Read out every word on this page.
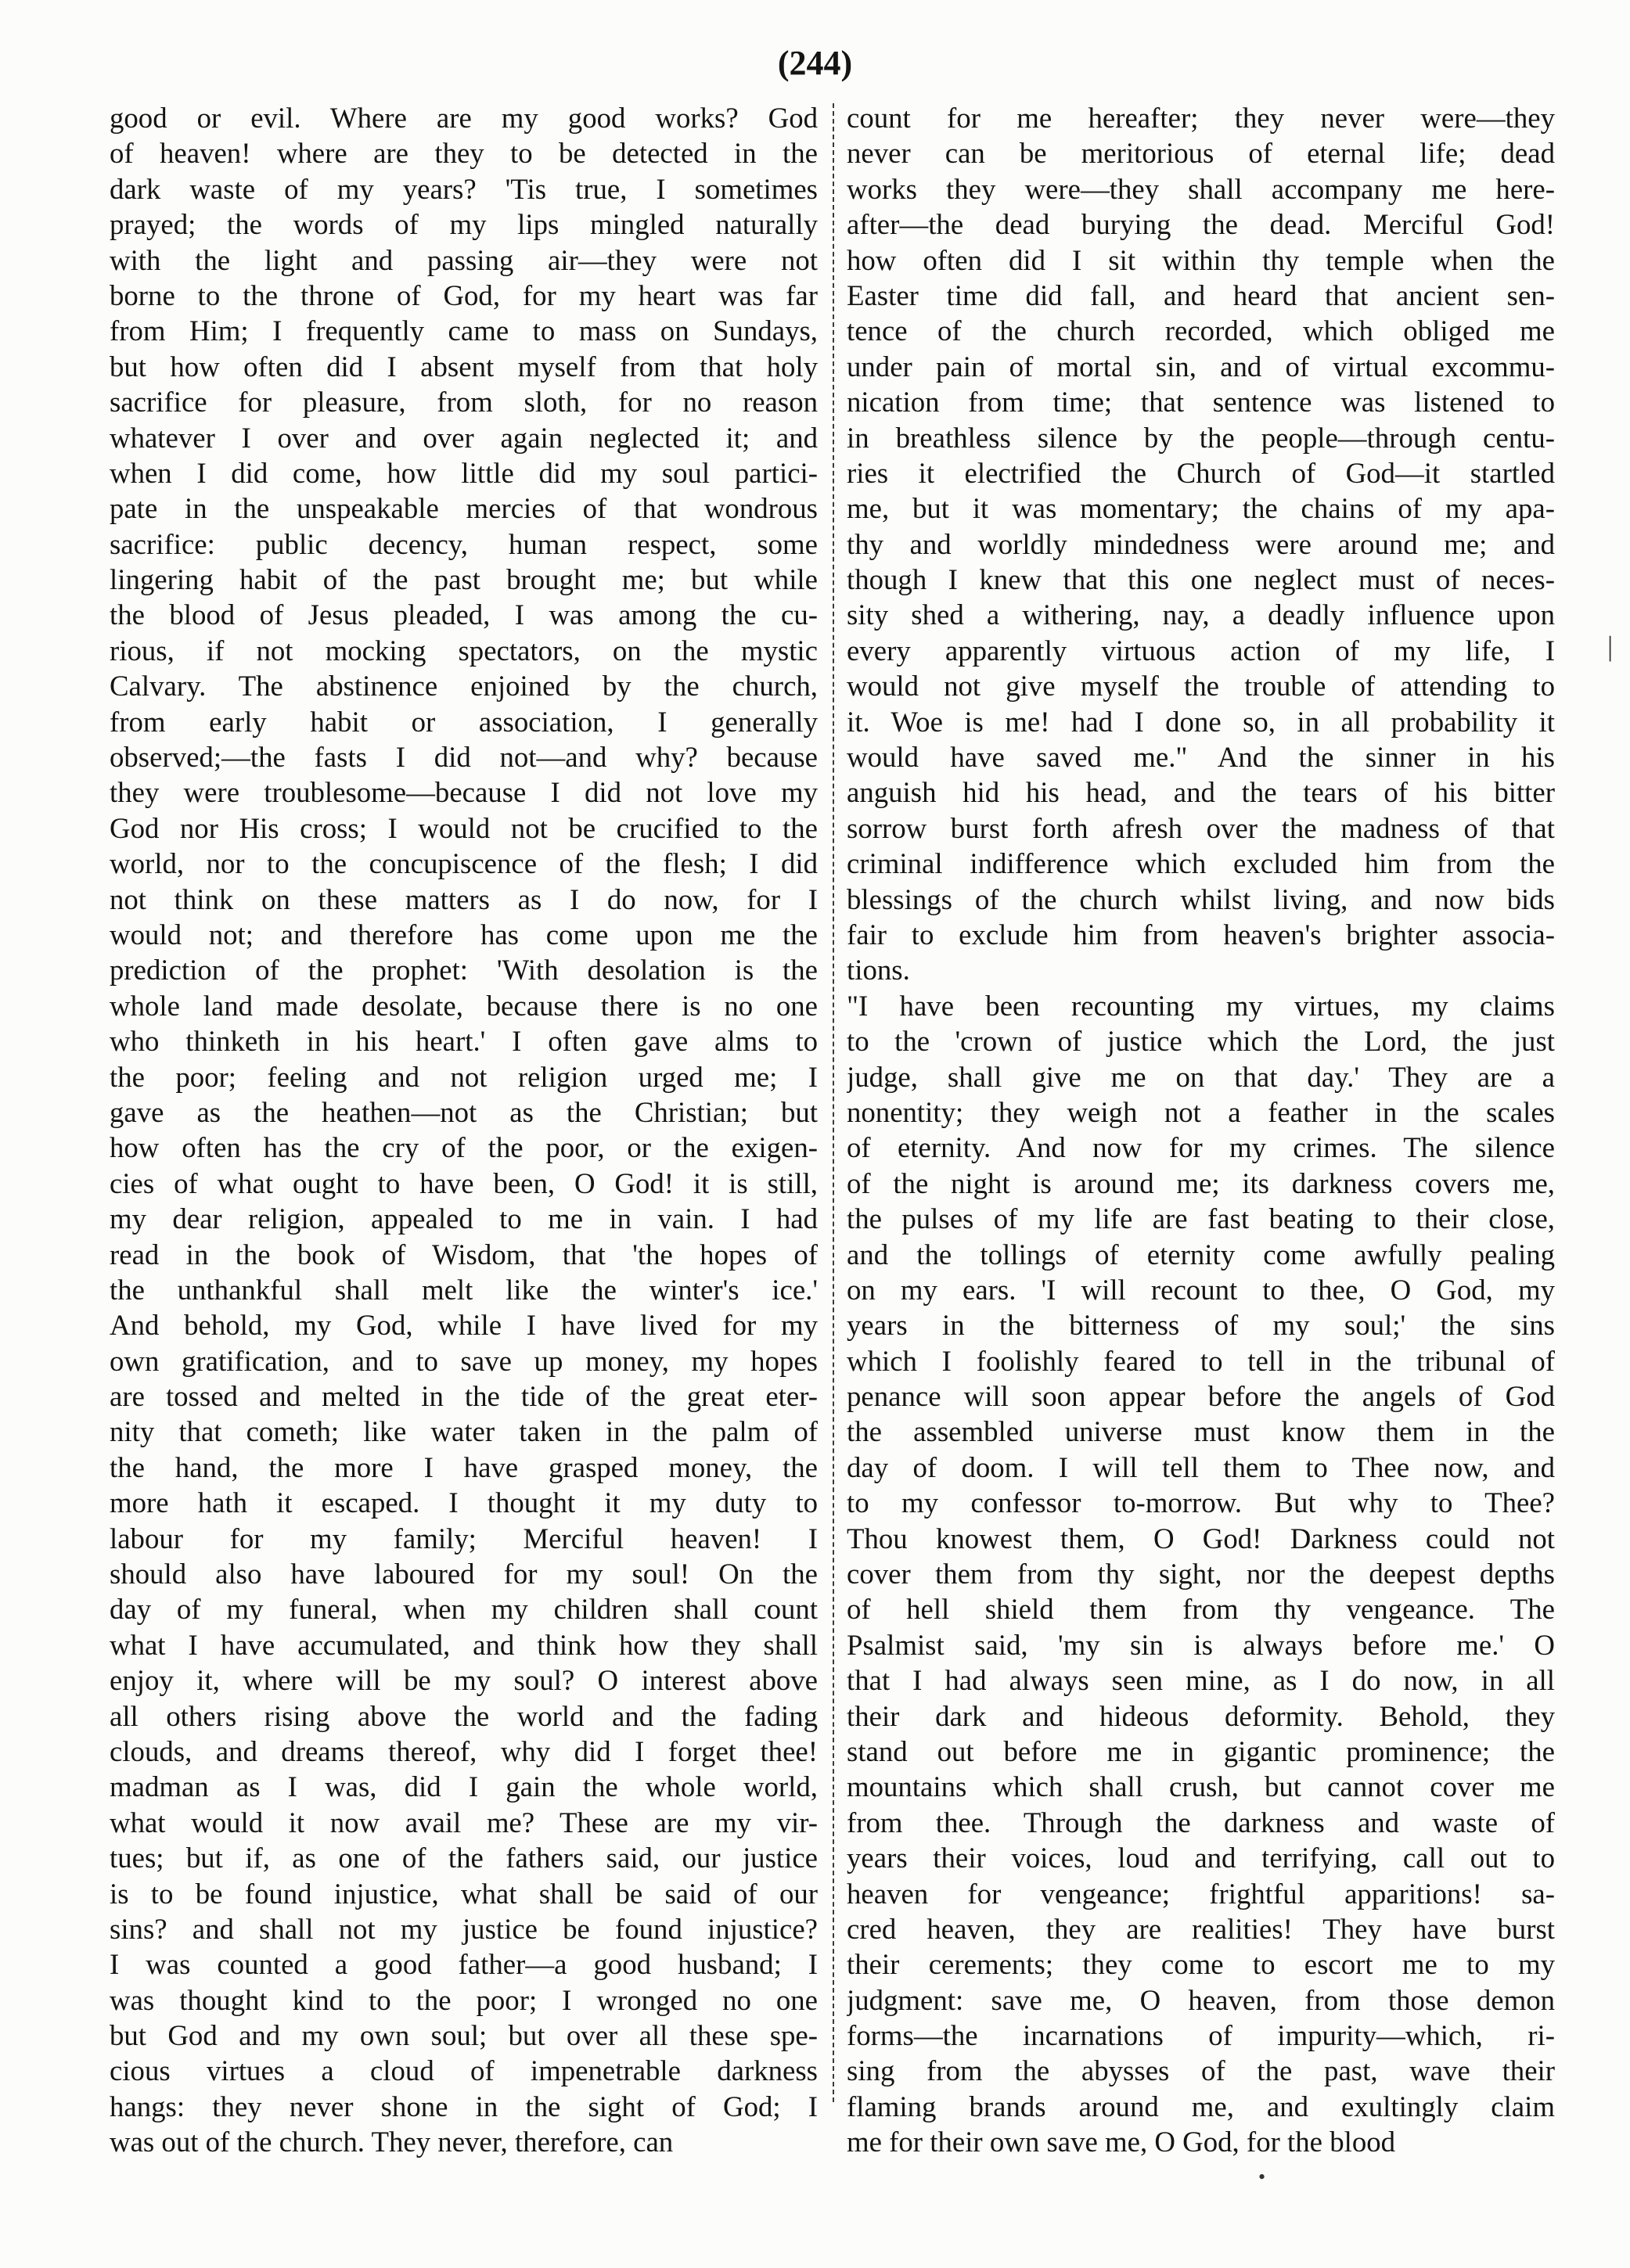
(244)
good or evil. Where are my good works? God
of heaven! where are they to be detected in the
dark waste of my years? 'Tis true, I sometimes
prayed; the words of my lips mingled naturally
with the light and passing air—they were not
borne to the throne of God, for my heart was far
from Him; I frequently came to mass on Sundays,
but how often did I absent myself from that holy
sacrifice for pleasure, from sloth, for no reason
whatever I over and over again neglected it; and
when I did come, how little did my soul partici-
pate in the unspeakable mercies of that wondrous
sacrifice: public decency, human respect, some
lingering habit of the past brought me; but while
the blood of Jesus pleaded, I was among the cu-
rious, if not mocking spectators, on the mystic
Calvary. The abstinence enjoined by the church,
from early habit or association, I generally
observed;—the fasts I did not—and why? because
they were troublesome—because I did not love my
God nor His cross; I would not be crucified to the
world, nor to the concupiscence of the flesh; I did
not think on these matters as I do now, for I
would not; and therefore has come upon me the
prediction of the prophet: 'With desolation is the
whole land made desolate, because there is no one
who thinketh in his heart.' I often gave alms to
the poor; feeling and not religion urged me; I
gave as the heathen—not as the Christian; but
how often has the cry of the poor, or the exigen-
cies of what ought to have been, O God! it is still,
my dear religion, appealed to me in vain. I had
read in the book of Wisdom, that 'the hopes of
the unthankful shall melt like the winter's ice.'
And behold, my God, while I have lived for my
own gratification, and to save up money, my hopes
are tossed and melted in the tide of the great eter-
nity that cometh; like water taken in the palm of
the hand, the more I have grasped money, the
more hath it escaped. I thought it my duty to
labour for my family; Merciful heaven! I
should also have laboured for my soul! On the
day of my funeral, when my children shall count
what I have accumulated, and think how they shall
enjoy it, where will be my soul? O interest above
all others rising above the world and the fading
clouds, and dreams thereof, why did I forget thee!
madman as I was, did I gain the whole world,
what would it now avail me? These are my vir-
tues; but if, as one of the fathers said, our justice
is to be found injustice, what shall be said of our
sins? and shall not my justice be found injustice?
I was counted a good father—a good husband; I
was thought kind to the poor; I wronged no one
but God and my own soul; but over all these spe-
cious virtues a cloud of impenetrable darkness
hangs: they never shone in the sight of God; I
was out of the church. They never, therefore, can
count for me hereafter; they never were—they
never can be meritorious of eternal life; dead
works they were—they shall accompany me here-
after—the dead burying the dead. Merciful God!
how often did I sit within thy temple when the
Easter time did fall, and heard that ancient sen-
tence of the church recorded, which obliged me
under pain of mortal sin, and of virtual excommu-
nication from time; that sentence was listened to
in breathless silence by the people—through centu-
ries it electrified the Church of God—it startled
me, but it was momentary; the chains of my apa-
thy and worldly mindedness were around me; and
though I knew that this one neglect must of neces-
sity shed a withering, nay, a deadly influence upon
every apparently virtuous action of my life, I
would not give myself the trouble of attending to
it. Woe is me! had I done so, in all probability it
would have saved me." And the sinner in his
anguish hid his head, and the tears of his bitter
sorrow burst forth afresh over the madness of that
criminal indifference which excluded him from the
blessings of the church whilst living, and now bids
fair to exclude him from heaven's brighter associa-
tions.
"I have been recounting my virtues, my claims
to the 'crown of justice which the Lord, the just
judge, shall give me on that day.' They are a
nonentity; they weigh not a feather in the scales
of eternity. And now for my crimes. The silence
of the night is around me; its darkness covers me,
the pulses of my life are fast beating to their close,
and the tollings of eternity come awfully pealing
on my ears. 'I will recount to thee, O God, my
years in the bitterness of my soul;' the sins
which I foolishly feared to tell in the tribunal of
penance will soon appear before the angels of God
the assembled universe must know them in the
day of doom. I will tell them to Thee now, and
to my confessor to-morrow. But why to Thee?
Thou knowest them, O God! Darkness could not
cover them from thy sight, nor the deepest depths
of hell shield them from thy vengeance. The
Psalmist said, 'my sin is always before me.' O
that I had always seen mine, as I do now, in all
their dark and hideous deformity. Behold, they
stand out before me in gigantic prominence; the
mountains which shall crush, but cannot cover me
from thee. Through the darkness and waste of
years their voices, loud and terrifying, call out to
heaven for vengeance; frightful apparitions! sa-
cred heaven, they are realities! They have burst
their cerements; they come to escort me to my
judgment: save me, O heaven, from those demon
forms—the incarnations of impurity—which, ri-
sing from the abysses of the past, wave their
flaming brands around me, and exultingly claim
me for their own save me, O God, for the blood
•
|
